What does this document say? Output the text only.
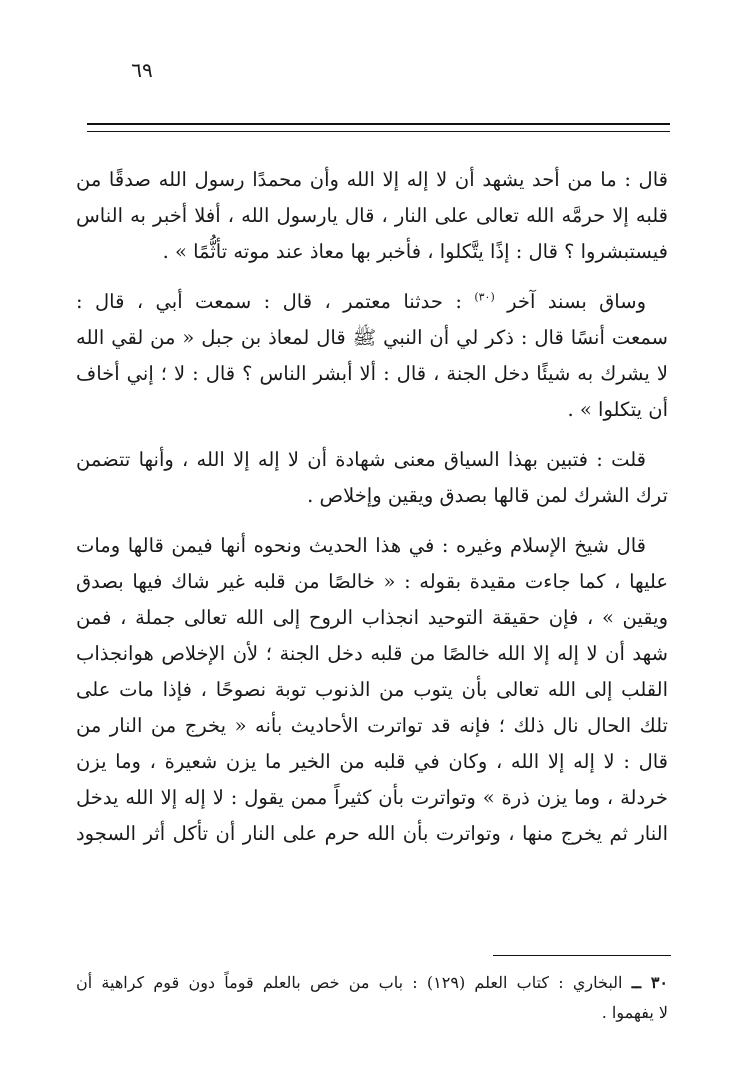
٦٩

قال : ما من أحد يشهد أن لا إله إلا الله وأن محمدًا رسول الله صدقًا من
قلبه إلا حرمَّه الله تعالى على النار ، قال يارسول الله ، أفلا أخبر به الناس
فيستبشروا ؟ قال : إذًا يتَّكلوا ، فأخبر بها معاذ عند موته تأثُّمًا » .

وساق بسند آخر $^{(٣٠)}$ : حدثنا معتمر ، قال : سمعت أبي ، قال :
سمعت أنسًا قال : ذكر لي أن النبي ﷺ قال لمعاذ بن جبل « من لقي الله
لا يشرك به شيئًا دخل الجنة ، قال : ألا أبشر الناس ؟ قال : لا ؛ إني أخاف
أن يتكلوا » .

قلت : فتبين بهذا السياق معنى شهادة أن لا إله إلا الله ، وأنها تتضمن
ترك الشرك لمن قالها بصدق ويقين وإخلاص .

قال شيخ الإسلام وغيره : في هذا الحديث ونحوه أنها فيمن قالها ومات
عليها ، كما جاءت مقيدة بقوله : « خالصًا من قلبه غير شاك فيها بصدق
ويقين » ، فإن حقيقة التوحيد انجذاب الروح إلى الله تعالى جملة ، فمن
شهد أن لا إله إلا الله خالصًا من قلبه دخل الجنة ؛ لأن الإخلاص هوانجذاب
القلب إلى الله تعالى بأن يتوب من الذنوب توبة نصوحًا ، فإذا مات على
تلك الحال نال ذلك ؛ فإنه قد تواترت الأحاديث بأنه « يخرج من النار من
قال : لا إله إلا الله ، وكان في قلبه من الخير ما يزن شعيرة ، وما يزن
خردلة ، وما يزن ذرة » وتواترت بأن كثيراً ممن يقول : لا إله إلا الله يدخل
النار ثم يخرج منها ، وتواترت بأن الله حرم على النار أن تأكل أثر السجود

٣٠ ــ البخاري : كتاب العلم (١٢٩) : باب من خص بالعلم قوماً دون قوم كراهية أن
لا يفهموا .
